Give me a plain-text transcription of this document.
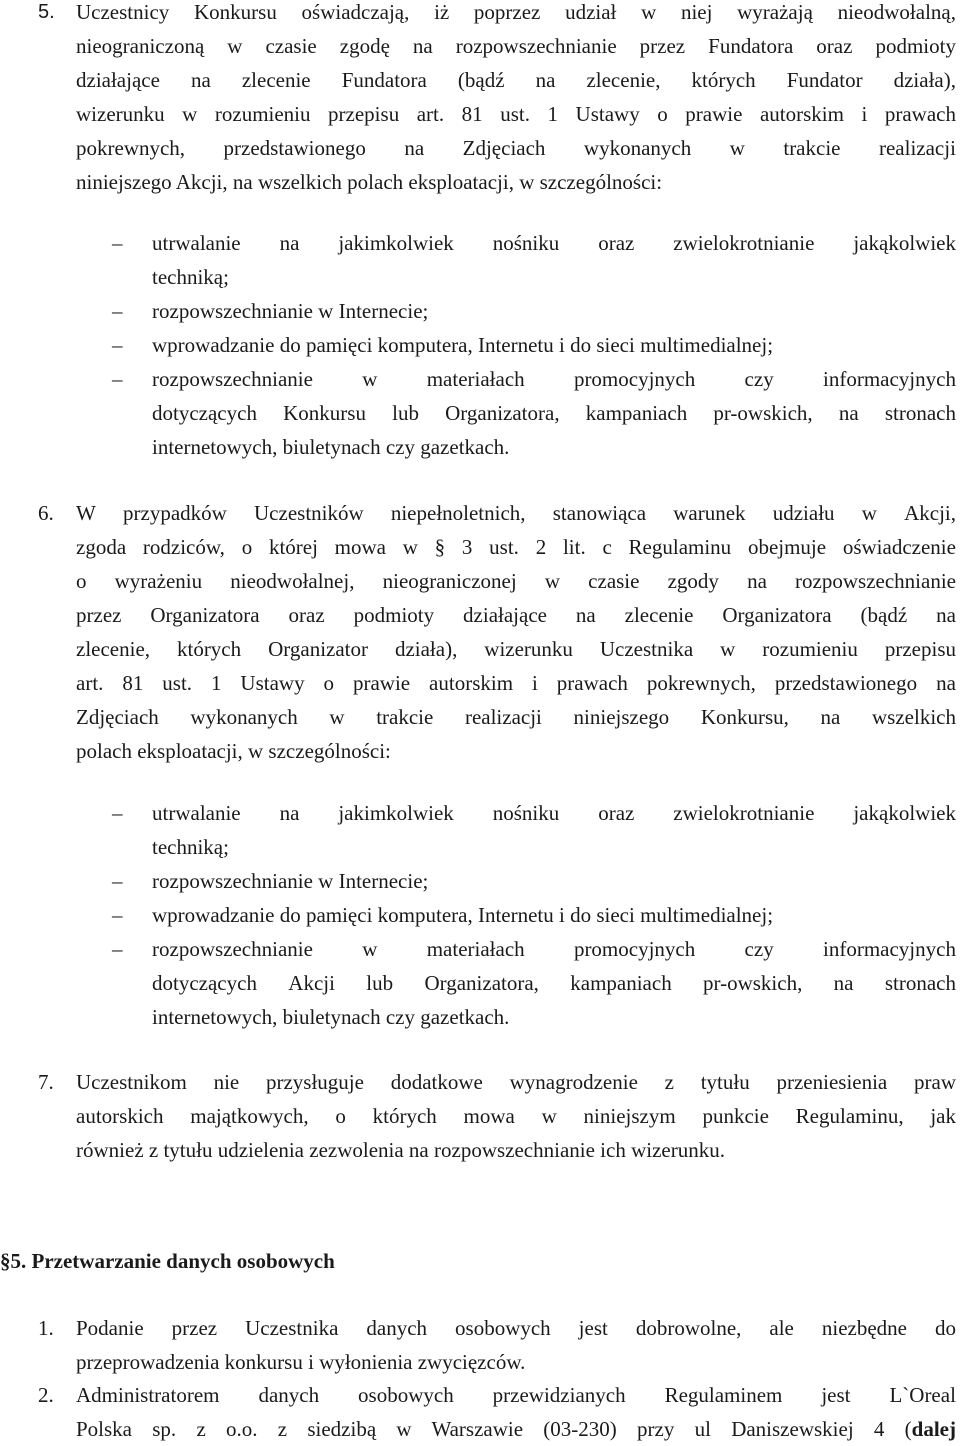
5.	Uczestnicy Konkursu oświadczają, iż poprzez udział w niej wyrażają nieodwołalną,
nieograniczoną w czasie zgodę na rozpowszechnianie przez Fundatora oraz podmioty
działające na zlecenie Fundatora (bądź na zlecenie, których Fundator działa),
wizerunku w rozumieniu przepisu art. 81 ust. 1 Ustawy o prawie autorskim i prawach
pokrewnych, przedstawionego na Zdjęciach wykonanych w trakcie realizacji
niniejszego Akcji, na wszelkich polach eksploatacji, w szczególności:
–	utrwalanie na jakimkolwiek nośniku oraz zwielokrotnianie jakąkolwiek
techniką;
–	rozpowszechnianie w Internecie;
–	wprowadzanie do pamięci komputera, Internetu i do sieci multimedialnej;
–	rozpowszechnianie w materiałach promocyjnych czy informacyjnych
dotyczących Konkursu lub Organizatora, kampaniach pr-owskich, na stronach
internetowych, biuletynach czy gazetkach.
6.	W przypadków Uczestników niepełnoletnich, stanowiąca warunek udziału w Akcji,
zgoda rodziców, o której mowa w § 3 ust. 2 lit. c Regulaminu obejmuje oświadczenie
o wyrażeniu nieodwołalnej, nieograniczonej w czasie zgody na rozpowszechnianie
przez Organizatora oraz podmioty działające na zlecenie Organizatora (bądź na
zlecenie, których Organizator działa), wizerunku Uczestnika w rozumieniu przepisu
art. 81 ust. 1 Ustawy o prawie autorskim i prawach pokrewnych, przedstawionego na
Zdjęciach wykonanych w trakcie realizacji niniejszego Konkursu, na wszelkich
polach eksploatacji, w szczególności:
–	utrwalanie na jakimkolwiek nośniku oraz zwielokrotnianie jakąkolwiek
techniką;
–	rozpowszechnianie w Internecie;
–	wprowadzanie do pamięci komputera, Internetu i do sieci multimedialnej;
–	rozpowszechnianie w materiałach promocyjnych czy informacyjnych
dotyczących Akcji lub Organizatora, kampaniach pr-owskich, na stronach
internetowych, biuletynach czy gazetkach.
7.	Uczestnikom nie przysługuje dodatkowe wynagrodzenie z tytułu przeniesienia praw
autorskich majątkowych, o których mowa w niniejszym punkcie Regulaminu, jak
również z tytułu udzielenia zezwolenia na rozpowszechnianie ich wizerunku.
§5. Przetwarzanie danych osobowych
1.	Podanie przez Uczestnika danych osobowych jest dobrowolne, ale niezbędne do
przeprowadzenia konkursu i wyłonienia zwycięzców.
2.	Administratorem danych osobowych przewidzianych Regulaminem jest L`Oreal
Polska sp. z o.o. z siedzibą w Warszawie (03-230) przy ul Daniszewskiej 4 (dalej
